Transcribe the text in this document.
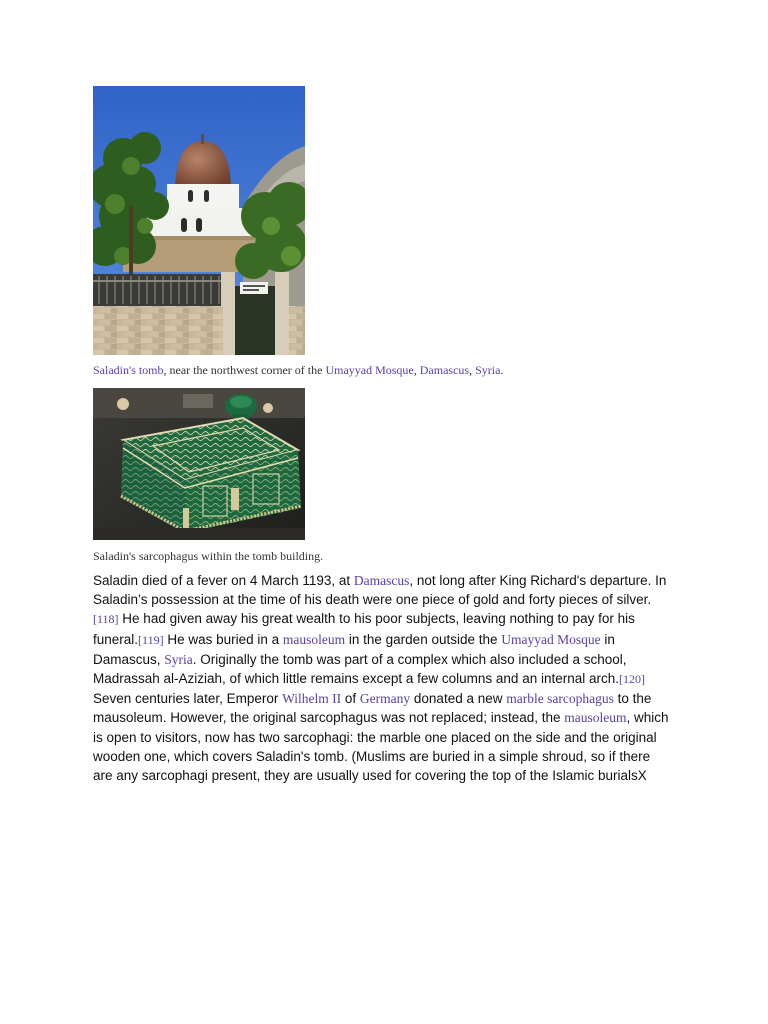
Saladin's tomb, near the northwest corner of the Umayyad Mosque, Damascus, Syria.
Saladin's sarcophagus within the tomb building.

Saladin died of a fever on 4 March 1193, at Damascus, not long after King Richard's departure. In Saladin’s possession at the time of his death were one piece of gold and forty pieces of silver.[118] He had given away his great wealth to his poor subjects, leaving nothing to pay for his funeral.[119] He was buried in a mausoleum in the garden outside the Umayyad Mosque in Damascus, Syria. Originally the tomb was part of a complex which also included a school, Madrassah al-Aziziah, of which little remains except a few columns and an internal arch.[120] Seven centuries later, Emperor Wilhelm II of Germany donated a new marble sarcophagus to the mausoleum. However, the original sarcophagus was not replaced; instead, the mausoleum, which is open to visitors, now has two sarcophagi: the marble one placed on the side and the original wooden one, which covers Saladin's tomb. (Muslims are buried in a simple shroud, so if there are any sarcophagi present, they are usually used for covering the top of the Islamic burialsX
